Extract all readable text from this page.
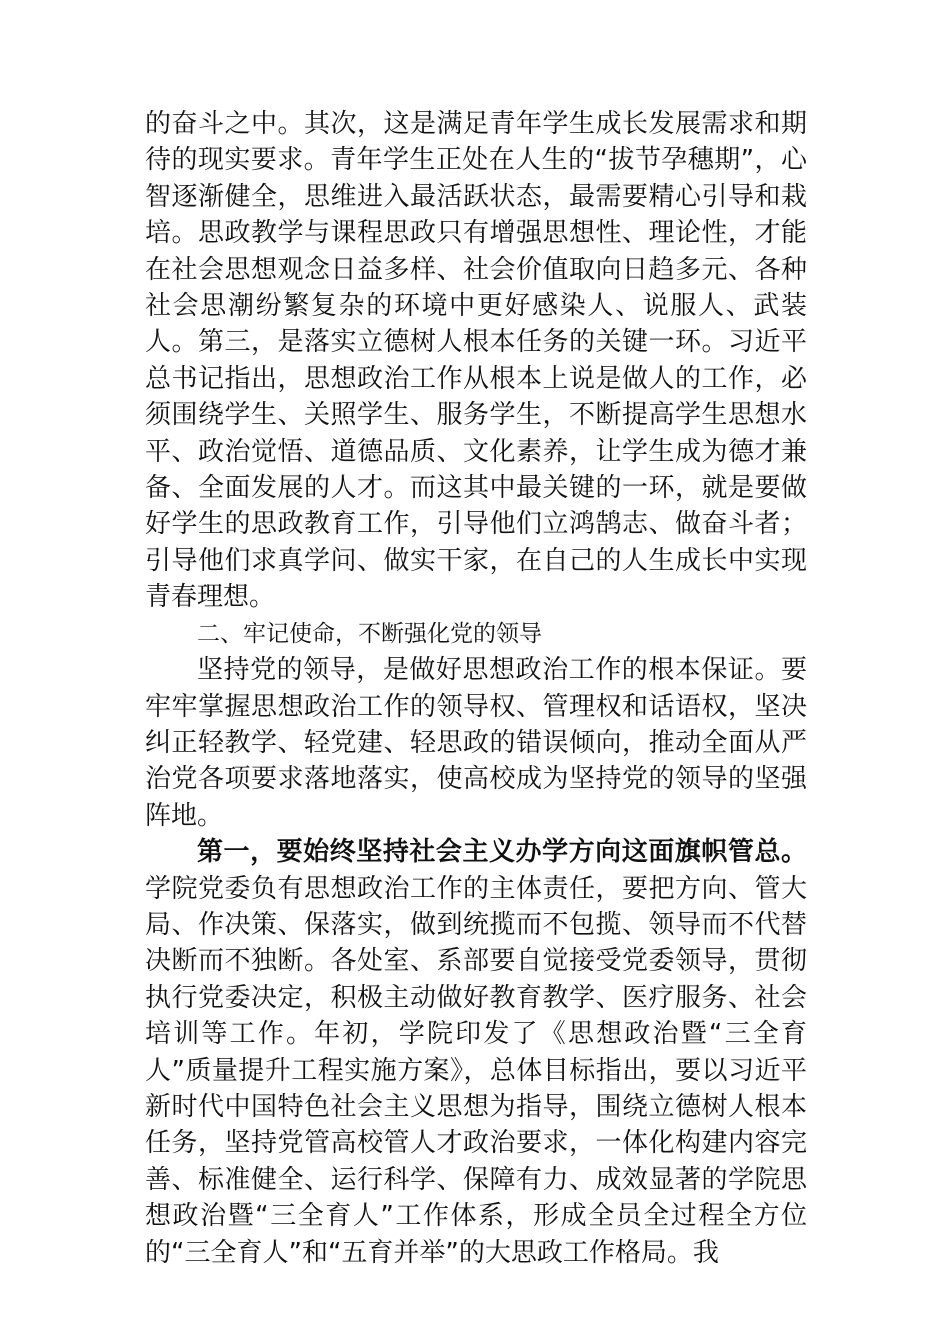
的奋斗之中。其次，这是满足青年学生成长发展需求和期待的现实要求。青年学生正处在人生的“拔节孕穗期”，心智逐渐健全，思维进入最活跃状态，最需要精心引导和栽培。思政教学与课程思政只有增强思想性、理论性，才能在社会思想观念日益多样、社会价值取向日趋多元、各种社会思潮纷繁复杂的环境中更好感染人、说服人、武装人。第三，是落实立德树人根本任务的关键一环。习近平总书记指出，思想政治工作从根本上说是做人的工作，必须围绕学生、关照学生、服务学生，不断提高学生思想水平、政治觉悟、道德品质、文化素养，让学生成为德才兼备、全面发展的人才。而这其中最关键的一环，就是要做好学生的思政教育工作，引导他们立鸿鹄志、做奋斗者；引导他们求真学问、做实干家，在自己的人生成长中实现青春理想。

二、牢记使命，不断强化党的领导

坚持党的领导，是做好思想政治工作的根本保证。要牢牢掌握思想政治工作的领导权、管理权和话语权，坚决纠正轻教学、轻党建、轻思政的错误倾向，推动全面从严治党各项要求落地落实，使高校成为坚持党的领导的坚强阵地。

第一，要始终坚持社会主义办学方向这面旗帜管总。学院党委负有思想政治工作的主体责任，要把方向、管大局、作决策、保落实，做到统揽而不包揽、领导而不代替决断而不独断。各处室、系部要自觉接受党委领导，贯彻执行党委决定，积极主动做好教育教学、医疗服务、社会培训等工作。年初，学院印发了《思想政治暨“三全育人”质量提升工程实施方案》，总体目标指出，要以习近平新时代中国特色社会主义思想为指导，围绕立德树人根本任务，坚持党管高校管人才政治要求，一体化构建内容完善、标准健全、运行科学、保障有力、成效显著的学院思想政治暨“三全育人”工作体系，形成全员全过程全方位的“三全育人”和“五育并举”的大思政工作格局。我
